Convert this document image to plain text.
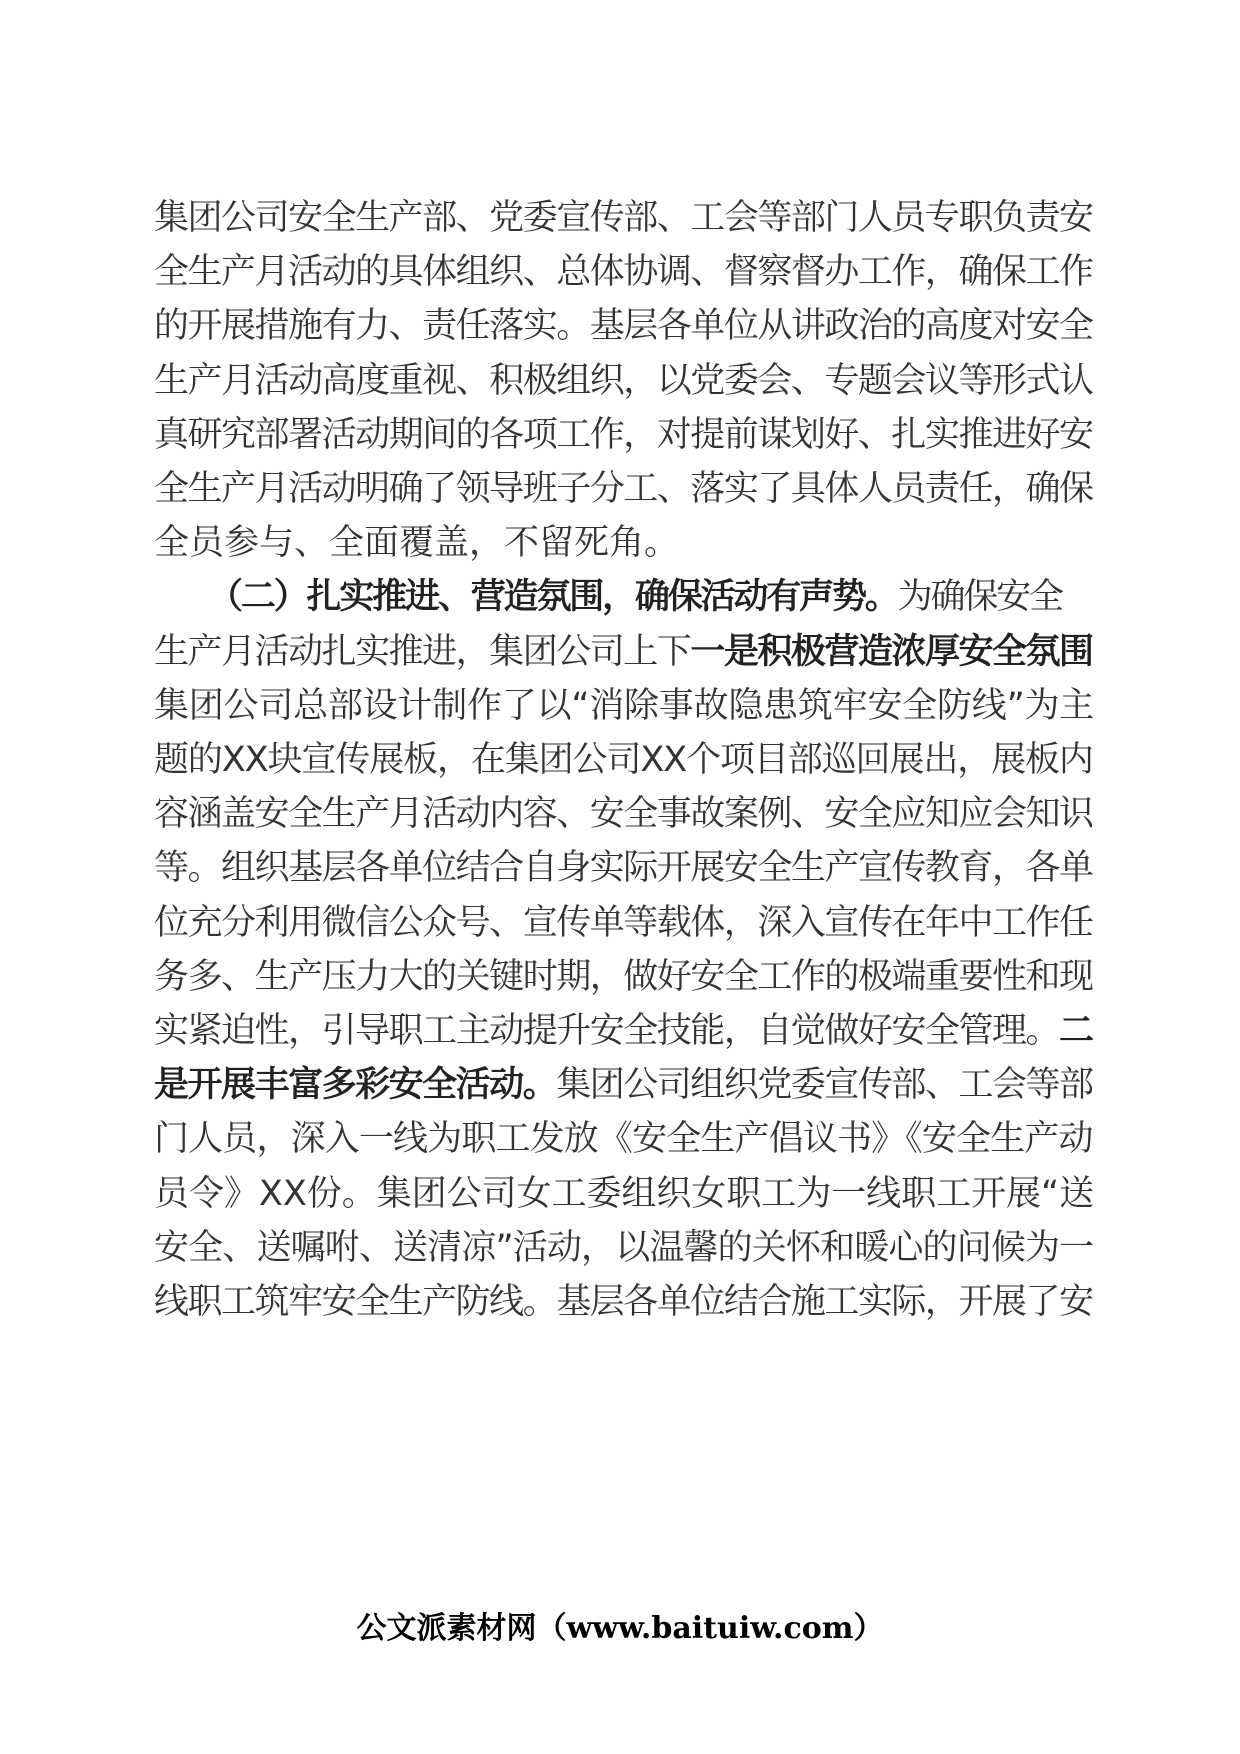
集团公司安全生产部、党委宣传部、工会等部门人员专职负责安
全生产月活动的具体组织、总体协调、督察督办工作，确保工作
的开展措施有力、责任落实。基层各单位从讲政治的高度对安全
生产月活动高度重视、积极组织，以党委会、专题会议等形式认
真研究部署活动期间的各项工作，对提前谋划好、扎实推进好安
全生产月活动明确了领导班子分工、落实了具体人员责任，确保
全员参与、全面覆盖，不留死角。
（二）扎实推进、营造氛围，确保活动有声势。为确保安全
生产月活动扎实推进，集团公司上下一是积极营造浓厚安全氛围
集团公司总部设计制作了以“消除事故隐患筑牢安全防线”为主
题的XX块宣传展板，在集团公司XX个项目部巡回展出，展板内
容涵盖安全生产月活动内容、安全事故案例、安全应知应会知识
等。组织基层各单位结合自身实际开展安全生产宣传教育，各单
位充分利用微信公众号、宣传单等载体，深入宣传在年中工作任
务多、生产压力大的关键时期，做好安全工作的极端重要性和现
实紧迫性，引导职工主动提升安全技能，自觉做好安全管理。二
是开展丰富多彩安全活动。集团公司组织党委宣传部、工会等部
门人员，深入一线为职工发放《安全生产倡议书》《安全生产动
员令》XX份。集团公司女工委组织女职工为一线职工开展“送
安全、送嘱咐、送清凉”活动，以温馨的关怀和暖心的问候为一
线职工筑牢安全生产防线。基层各单位结合施工实际，开展了安
公文派素材网（www.baituiw.com）
